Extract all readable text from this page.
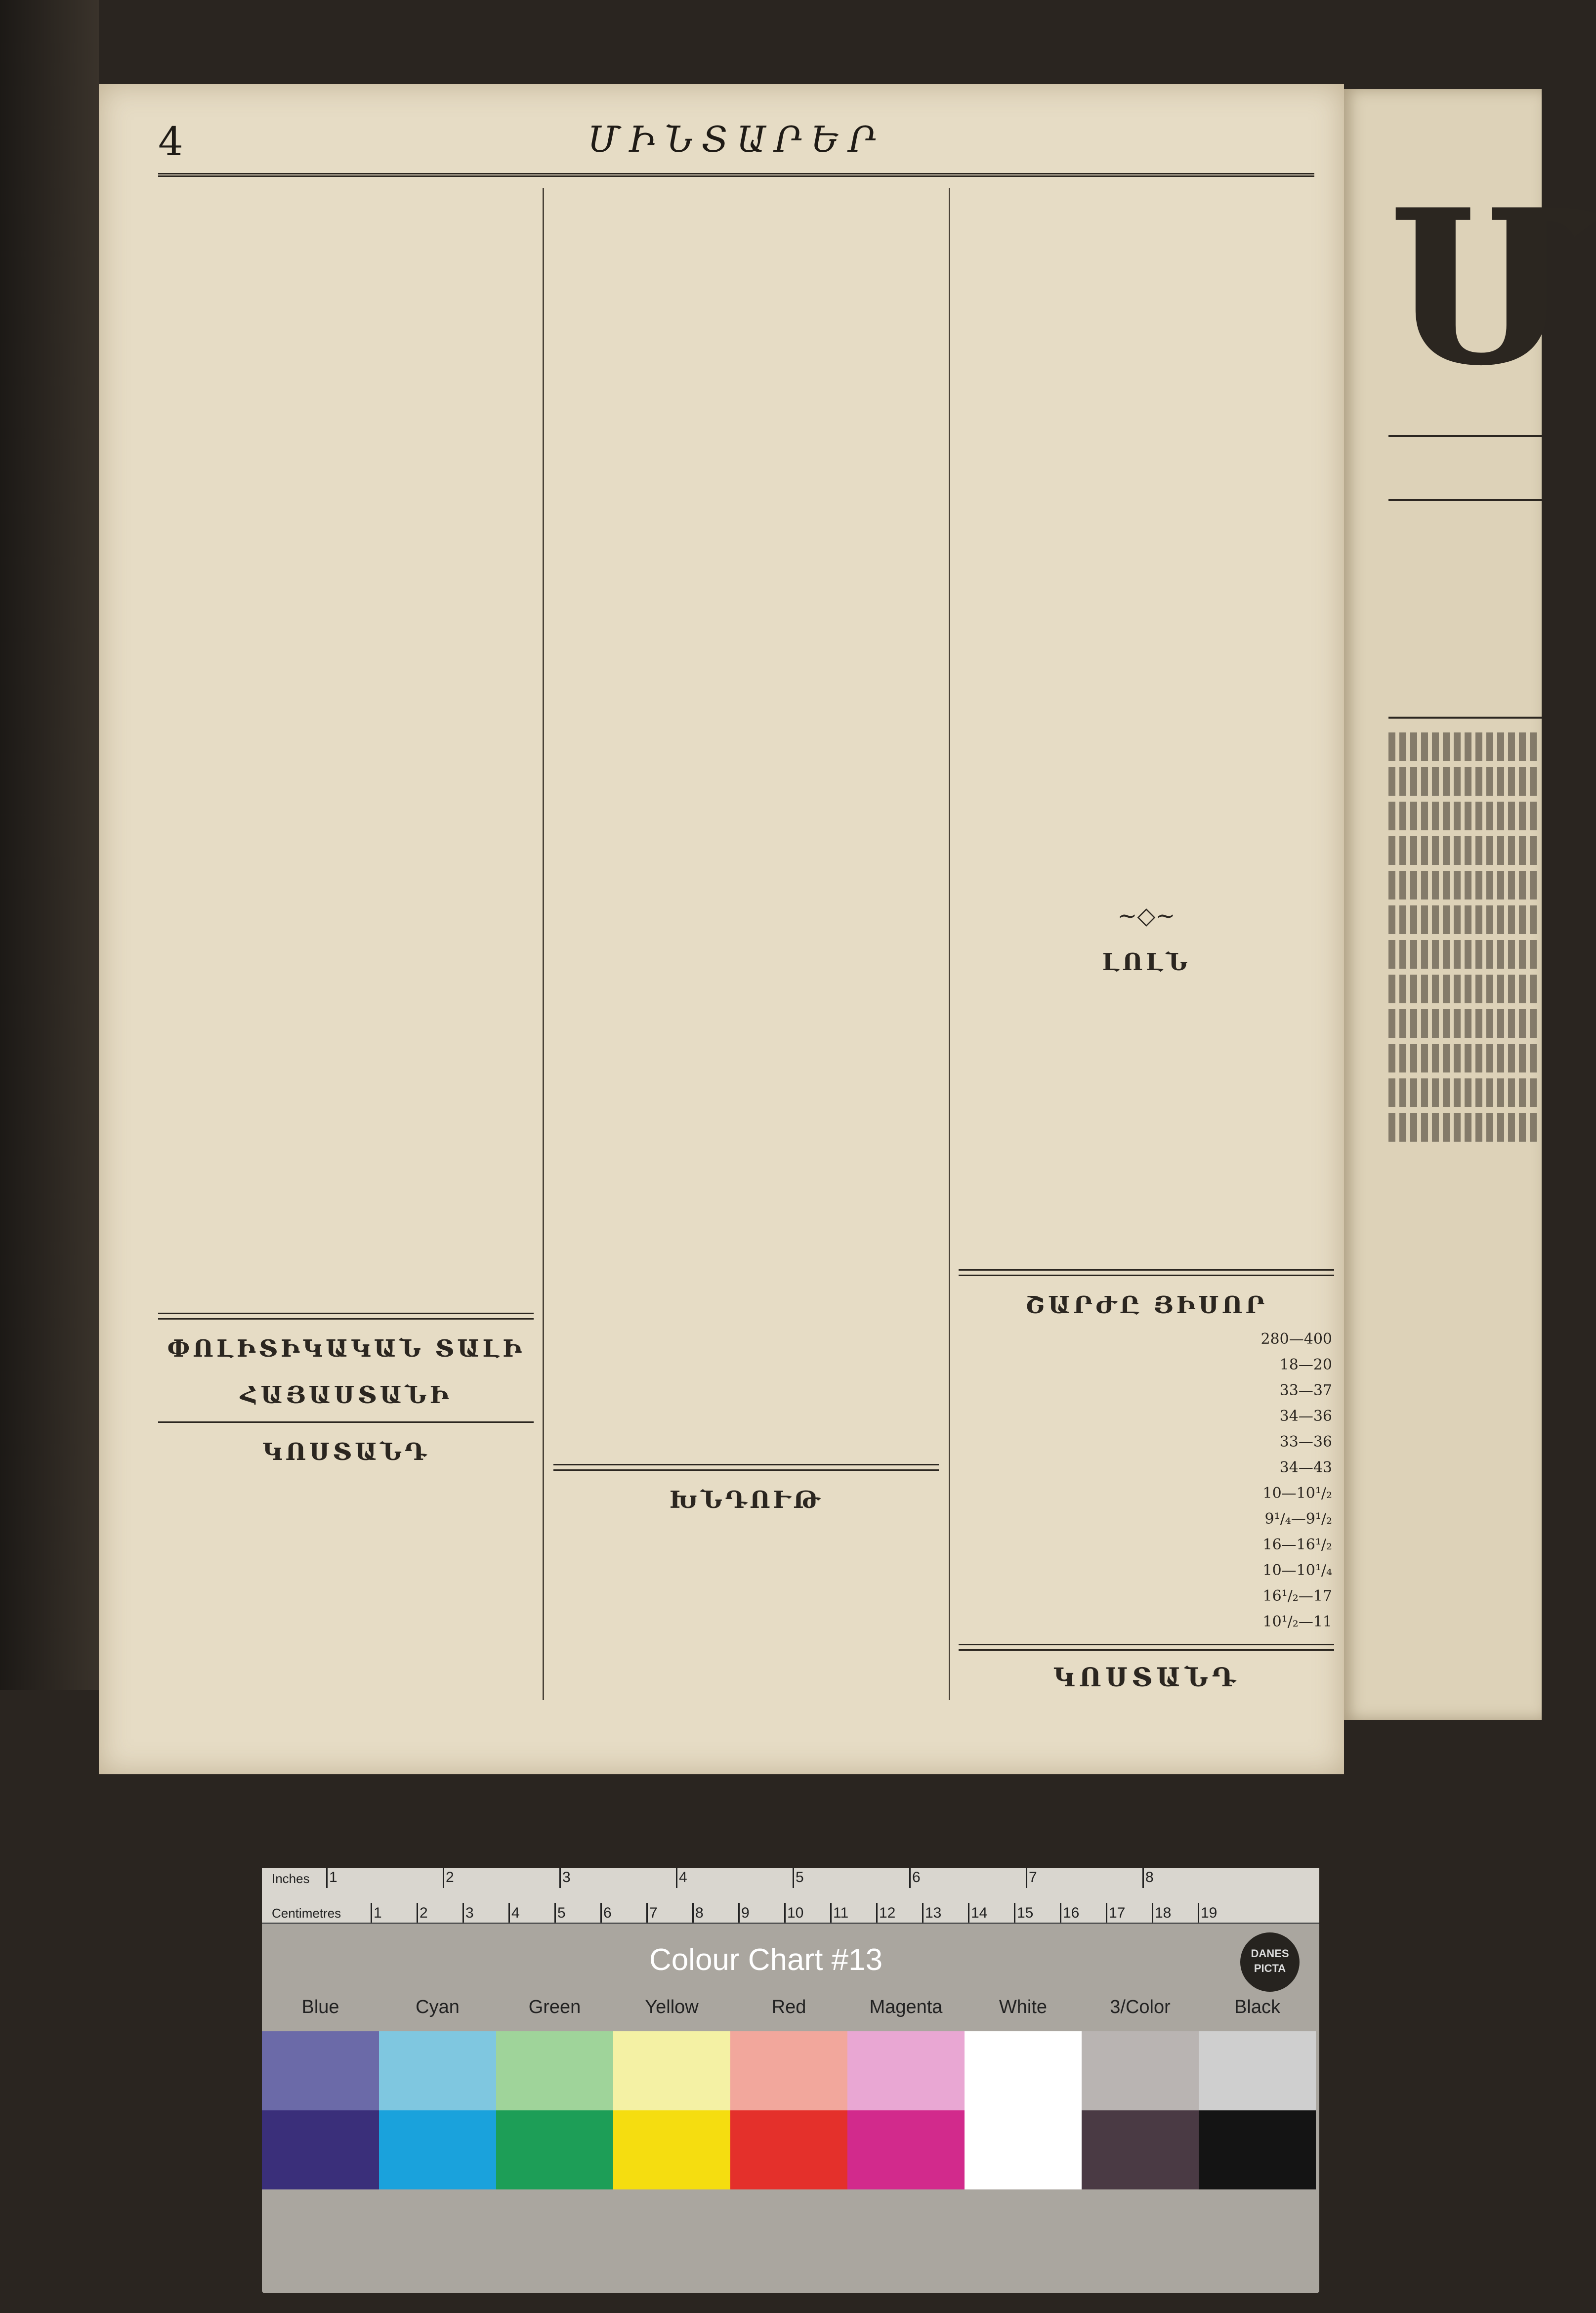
4	ՄԻՆՏԱՐԵՐ

ՓՈԼԻՏԻԿԱԿԱՆ ՏԱԼԻ
ՀԱՅԱՍՏԱՆԻ
ԿՈՍՏԱՆԴ

ԽՆԴՈՒԹ

~◇~
ԼՈԼՆ

ՇԱՐԺԸ ՅԻՍՈՐ
		280—400
		18—20
		33—37
		34—36
		33—36
		34—43
		10—10¹/₂
		9¹/₄—9¹/₂
		16—16¹/₂
		10—10¹/₄
		16¹/₂—17
		10¹/₂—11
ԿՈՍՏԱՆԴ
Մ
Inches
Centimetres
1	2	3	4	5	6	7	8
1	2	3	4	5	6	7	8	9	10 11 12 13 14 15 16 17 18 19
Colour Chart #13	DANES PICTA
Blue	Cyan	Green	Yellow	Red	Magenta	White	3/Color	Black
